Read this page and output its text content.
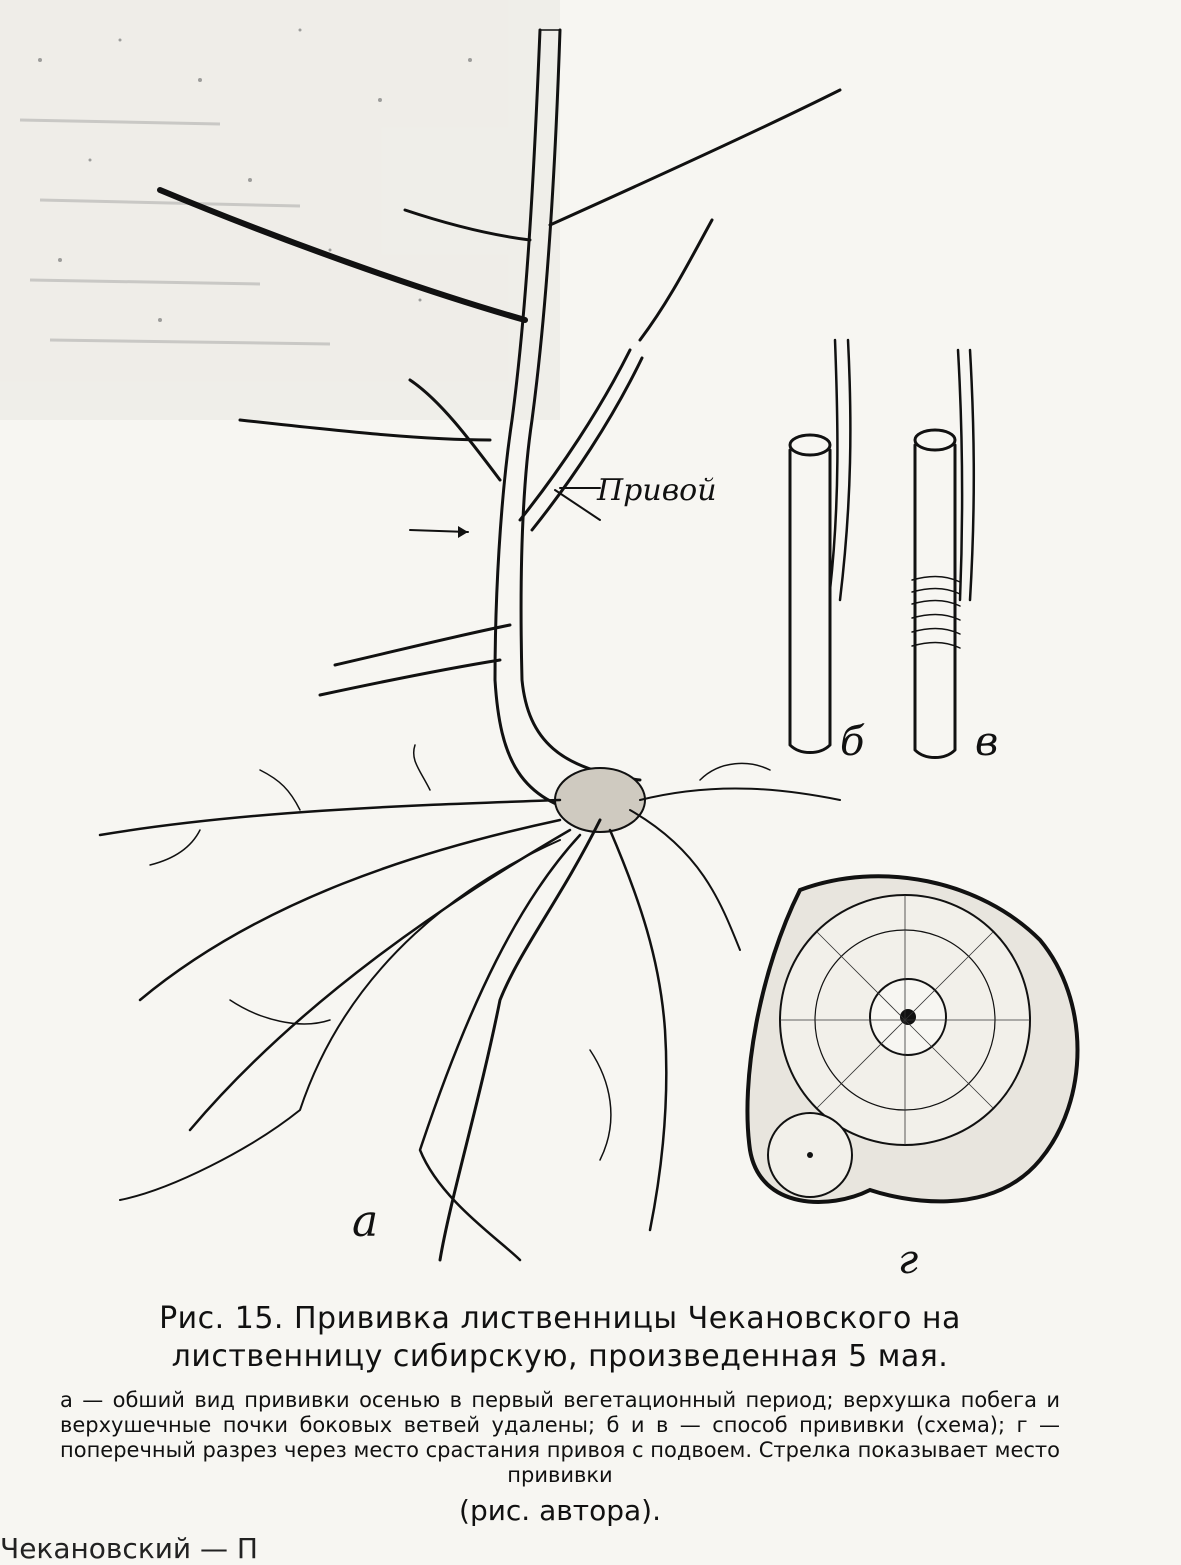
а
б	в
г
Привой

Рис. 15. Прививка лиственницы Чекановского на лиственницу сибирскую, произведенная 5 мая.

а — обший вид прививки осенью в первый вегетационный период; верхушка побега и верхушечные почки боковых ветвей удалены; б и в — способ прививки (схема); г — поперечный разрез через место срастания привоя с подвоем. Стрелка показывает место прививки

(рис. автора).
Чекановский — П
